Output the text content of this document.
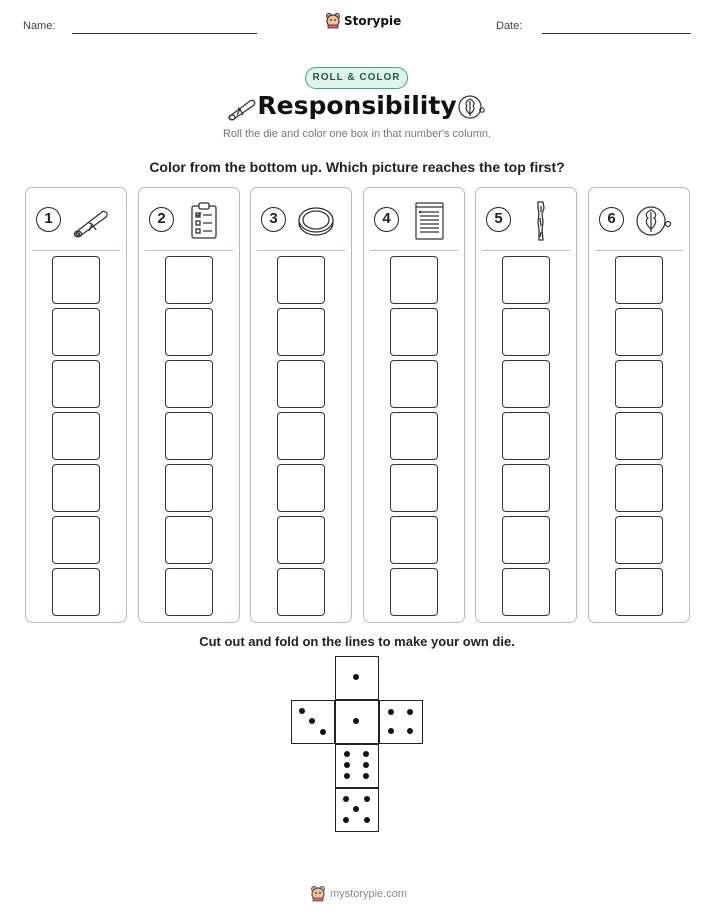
Name:	Storypie	Date:
ROLL & COLOR
Responsibility
Roll the die and color one box in that number's column.
Color from the bottom up. Which picture reaches the top first?
1	2	3	4	5	6
Cut out and fold on the lines to make your own die.
mystorypie.com
